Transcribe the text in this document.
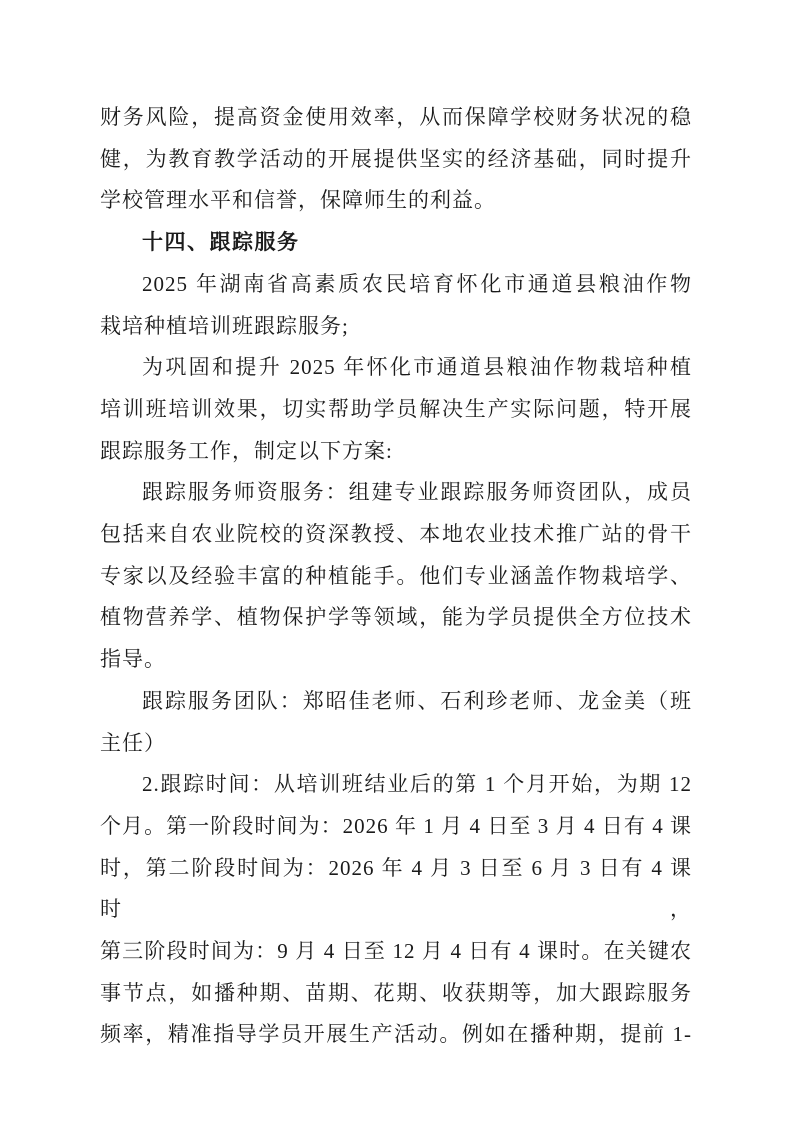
财务风险，提高资金使用效率，从而保障学校财务状况的稳
健，为教育教学活动的开展提供坚实的经济基础，同时提升
学校管理水平和信誉，保障师生的利益。
十四、跟踪服务
2025 年湖南省高素质农民培育怀化市通道县粮油作物
栽培种植培训班跟踪服务;
为巩固和提升 2025 年怀化市通道县粮油作物栽培种植
培训班培训效果，切实帮助学员解决生产实际问题，特开展
跟踪服务工作，制定以下方案:
跟踪服务师资服务：组建专业跟踪服务师资团队，成员
包括来自农业院校的资深教授、本地农业技术推广站的骨干
专家以及经验丰富的种植能手。他们专业涵盖作物栽培学、
植物营养学、植物保护学等领域，能为学员提供全方位技术
指导。
跟踪服务团队：郑昭佳老师、石利珍老师、龙金美（班
主任）
2.跟踪时间：从培训班结业后的第 1 个月开始，为期 12
个月。第一阶段时间为：2026 年 1 月 4 日至 3 月 4 日有 4 课
时，第二阶段时间为：2026 年 4 月 3 日至 6 月 3 日有 4 课时，
第三阶段时间为：9 月 4 日至 12 月 4 日有 4 课时。在关键农
事节点，如播种期、苗期、花期、收获期等，加大跟踪服务
频率，精准指导学员开展生产活动。例如在播种期，提前 1-
